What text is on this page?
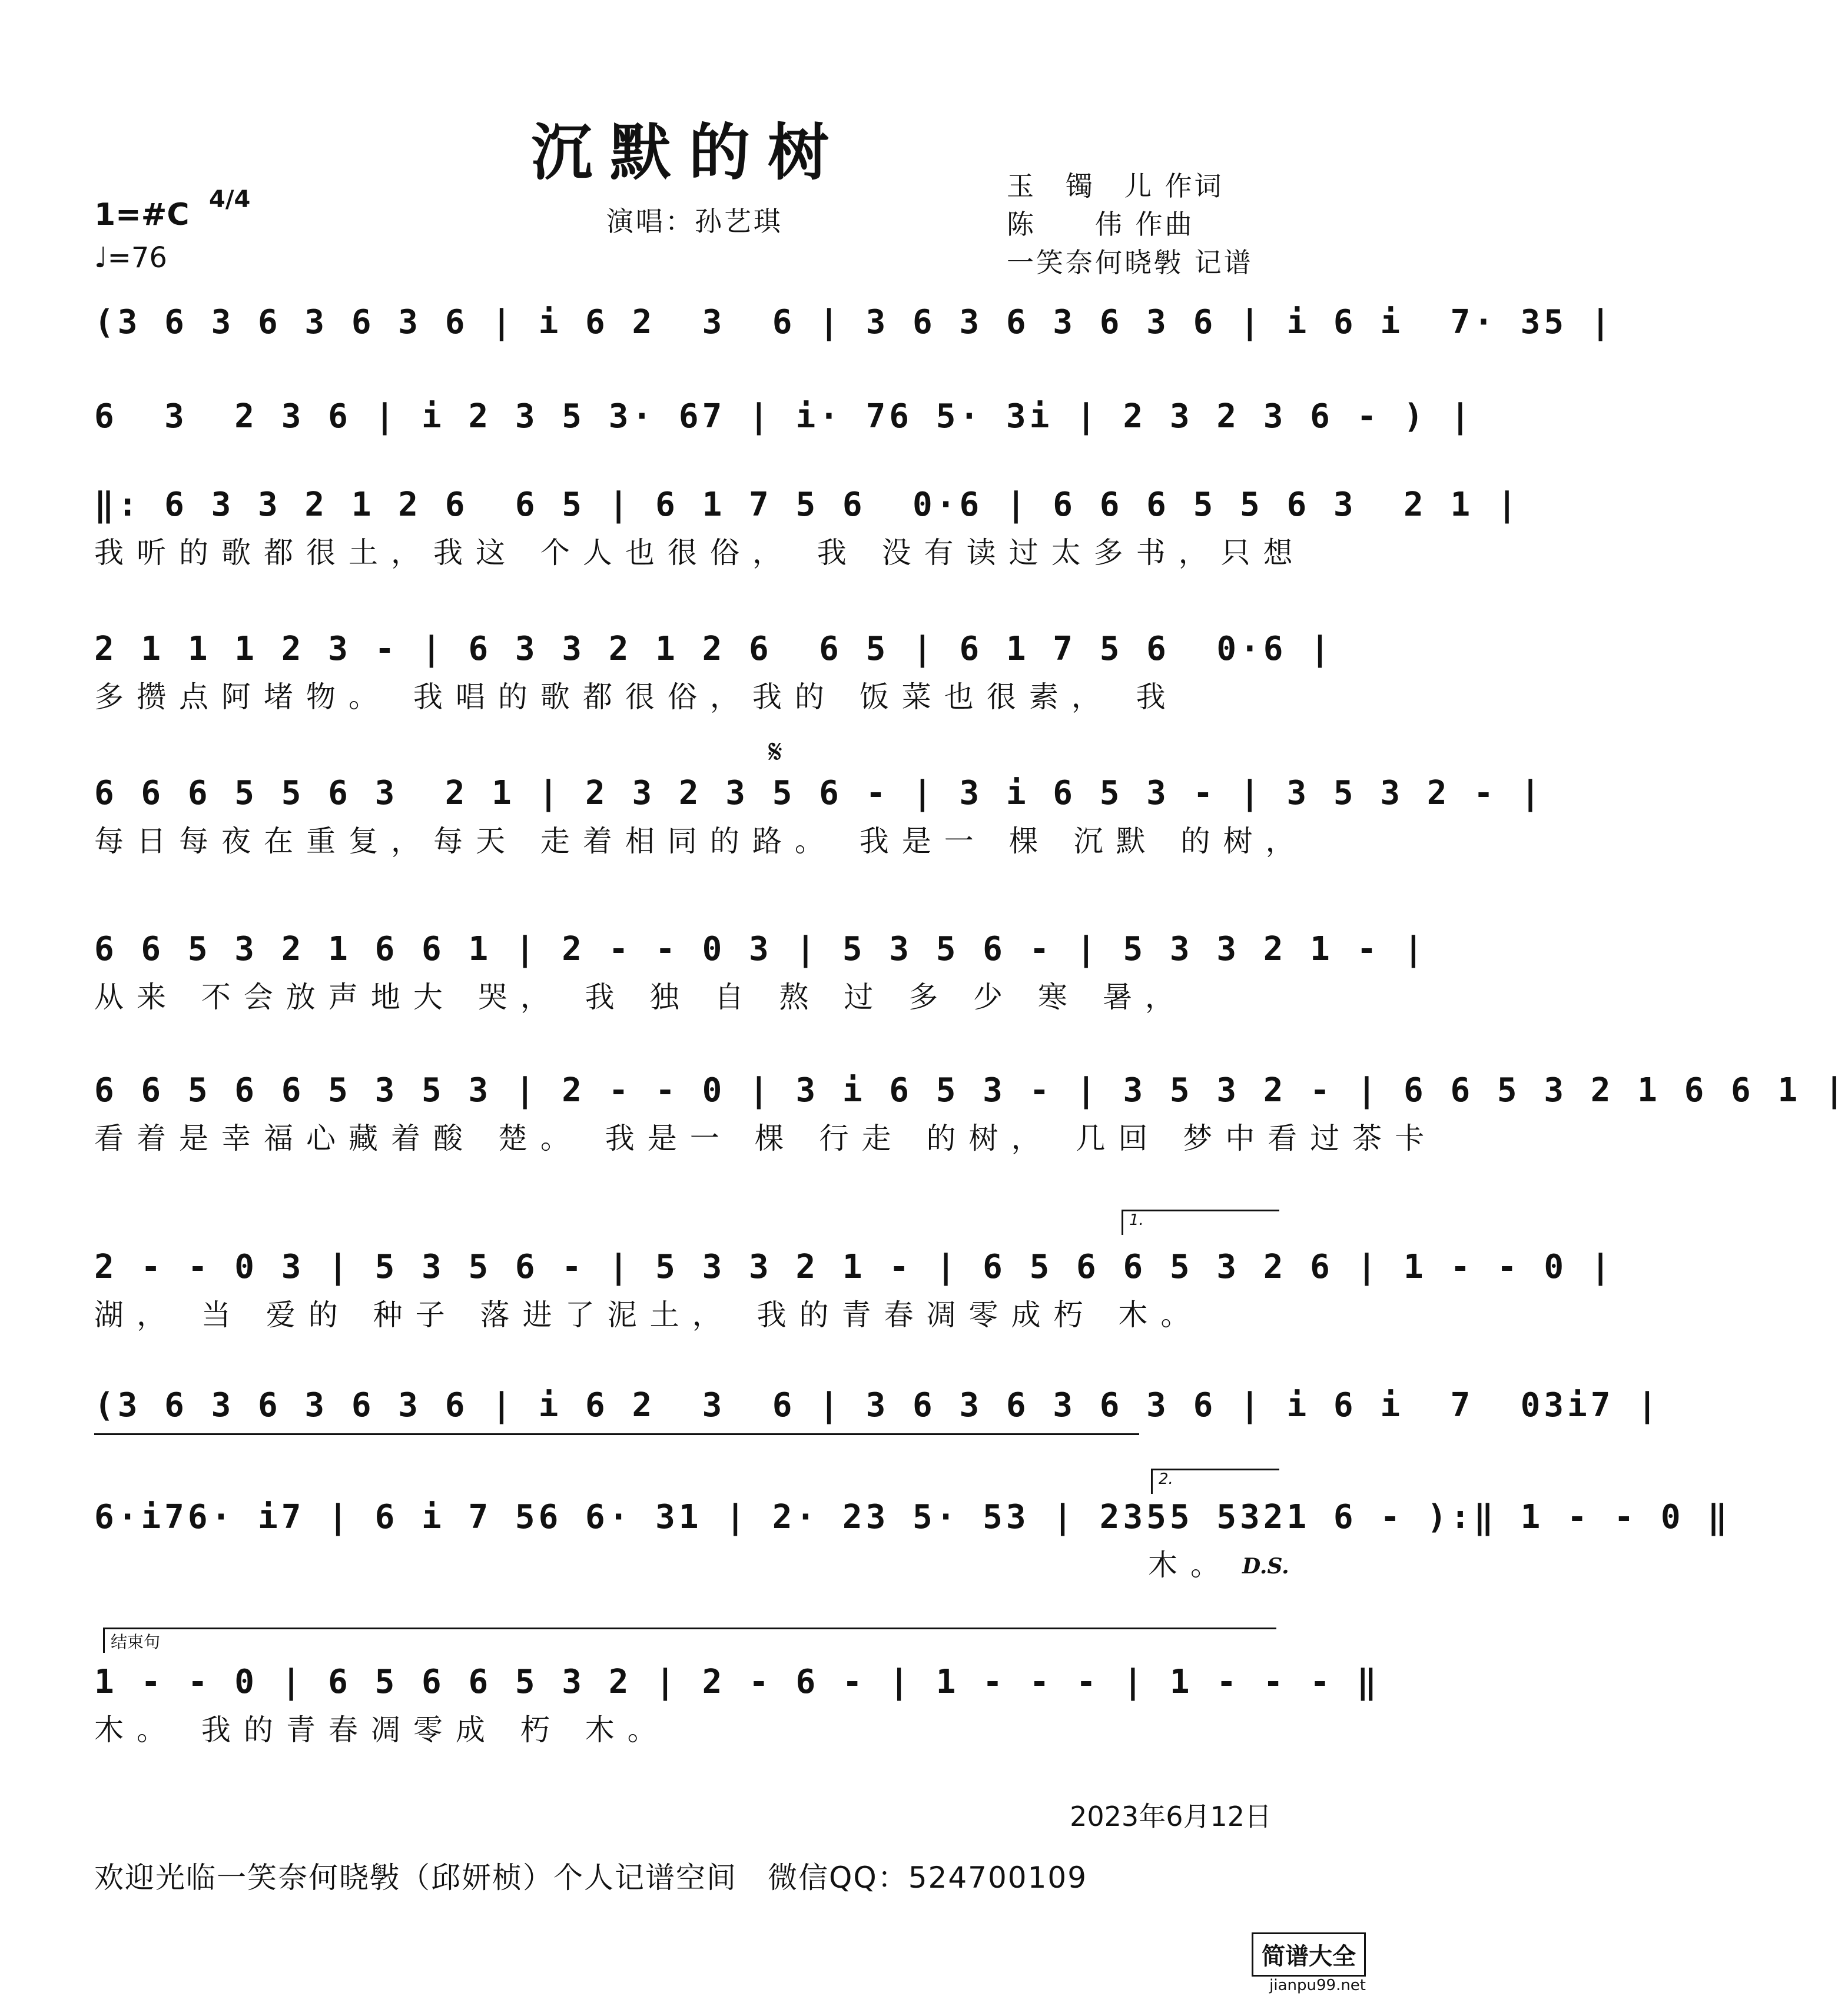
沉默的树
1=#C 4/4
♩=76
演唱：孙艺琪
玉　镯　儿 作词
陈　　伟 作曲
一笑奈何晓斅 记谱
(3 6 3 6 3 6 3 6 | i 6 2  3  6 | 3 6 3 6 3 6 3 6 | i 6 i  7· 35 |
6  3  2 3 6 | i 2 3 5 3· 67 | i· 76 5· 3i | 2 3 2 3 6 - ) |
‖: 6 3 3 2 1 2 6  6 5 | 6 1 7 5 6  0·6 | 6 6 6 5 5 6 3  2 1 |
我听的歌都很土，我这 个人也很俗， 我 没有读过太多书，只想
2 1 1 1 2 3 - | 6 3 3 2 1 2 6  6 5 | 6 1 7 5 6  0·6 |
多攒点阿堵物。 我唱的歌都很俗，我的 饭菜也很素， 我
𝄋
6 6 6 5 5 6 3  2 1 | 2 3 2 3 5 6 - | 3 i 6 5 3 - | 3 5 3 2 - |
每日每夜在重复，每天 走着相同的路。 我是一 棵 沉默 的树，
6 6 5 3 2 1 6 6 1 | 2 - - 0 3 | 5 3 5 6 - | 5 3 3 2 1 - |
从来 不会放声地大 哭， 我 独 自 熬 过 多 少 寒 暑，
6 6 5 6 6 5 3 5 3 | 2 - - 0 | 3 i 6 5 3 - | 3 5 3 2 - | 6 6 5 3 2 1 6 6 1 |
看着是幸福心藏着酸 楚。 我是一 棵 行走 的树， 几回 梦中看过茶卡
1.
2 - - 0 3 | 5 3 5 6 - | 5 3 3 2 1 - | 6 5 6 6 5 3 2 6 | 1 - - 0 |
湖， 当 爱的 种子 落进了泥土， 我的青春凋零成朽 木。
(3 6 3 6 3 6 3 6 | i 6 2  3  6 | 3 6 3 6 3 6 3 6 | i 6 i  7  03i7 |
2.
6·i76· i7 | 6 i 7 56 6· 31 | 2· 23 5· 53 | 2355 5321 6 - ):‖ 1 - - 0 ‖
木。 D.S.
结束句
1 - - 0 | 6 5 6 6 5 3 2 | 2 - 6 - | 1 - - - | 1 - - - ‖
木。 我的青春凋零成 朽 木。
2023年6月12日
欢迎光临一笑奈何晓斅（邱妍桢）个人记谱空间　微信QQ：524700109
简谱大全
jianpu99.net
